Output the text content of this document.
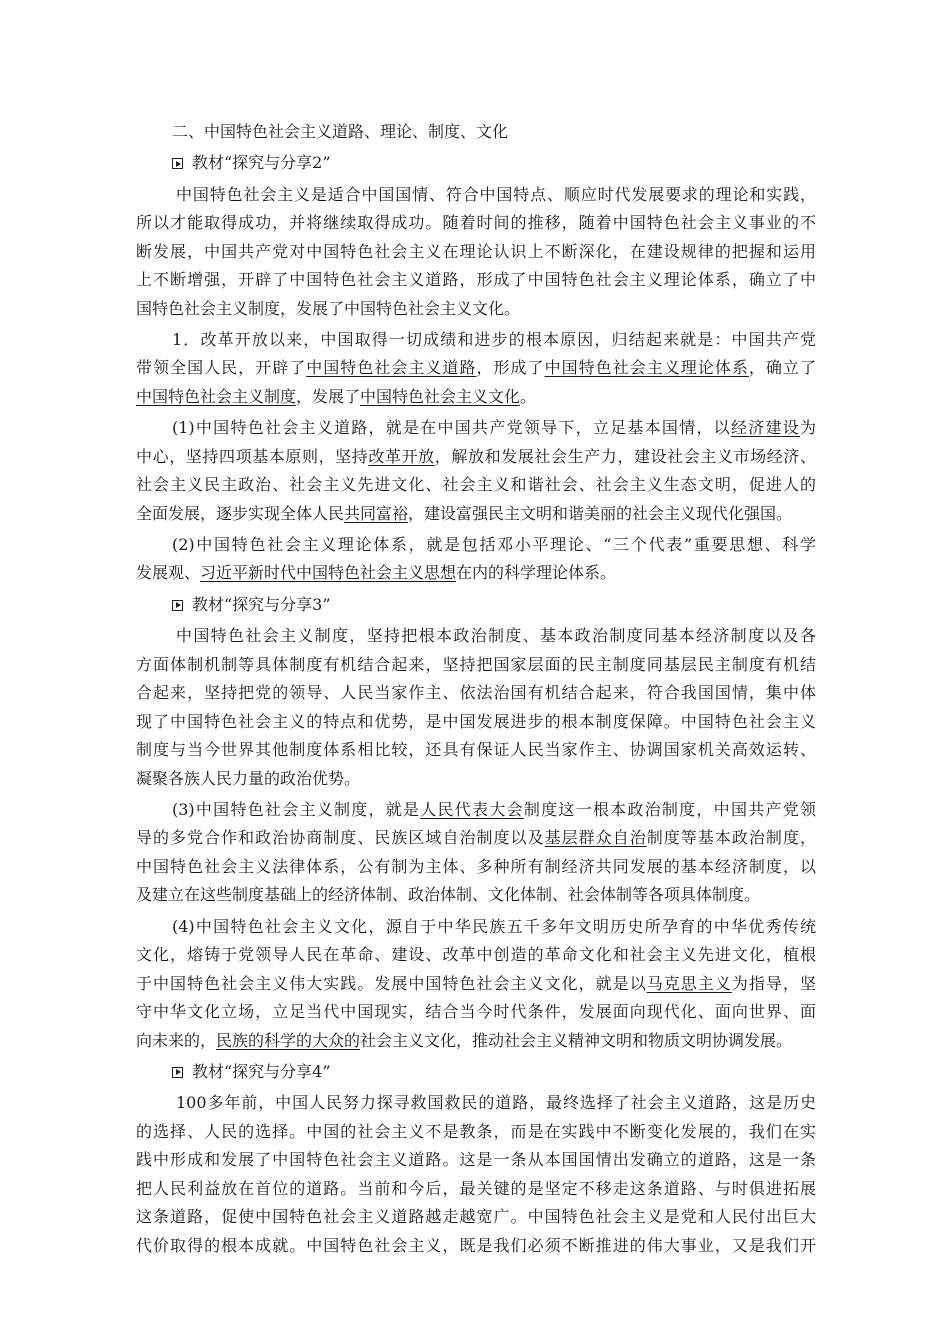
二、中国特色社会主义道路、理论、制度、文化
教材“探究与分享2”
中国特色社会主义是适合中国国情、符合中国特点、顺应时代发展要求的理论和实践，
所以才能取得成功，并将继续取得成功。随着时间的推移，随着中国特色社会主义事业的不
断发展，中国共产党对中国特色社会主义在理论认识上不断深化，在建设规律的把握和运用
上不断增强，开辟了中国特色社会主义道路，形成了中国特色社会主义理论体系，确立了中
国特色社会主义制度，发展了中国特色社会主义文化。
1．改革开放以来，中国取得一切成绩和进步的根本原因，归结起来就是：中国共产党
带领全国人民，开辟了中国特色社会主义道路，形成了中国特色社会主义理论体系，确立了
中国特色社会主义制度，发展了中国特色社会主义文化。
(1)中国特色社会主义道路，就是在中国共产党领导下，立足基本国情，以经济建设为
中心，坚持四项基本原则，坚持改革开放，解放和发展社会生产力，建设社会主义市场经济、
社会主义民主政治、社会主义先进文化、社会主义和谐社会、社会主义生态文明，促进人的
全面发展，逐步实现全体人民共同富裕，建设富强民主文明和谐美丽的社会主义现代化强国。
(2)中国特色社会主义理论体系，就是包括邓小平理论、“三个代表”重要思想、科学
发展观、习近平新时代中国特色社会主义思想在内的科学理论体系。
教材“探究与分享3”
中国特色社会主义制度，坚持把根本政治制度、基本政治制度同基本经济制度以及各
方面体制机制等具体制度有机结合起来，坚持把国家层面的民主制度同基层民主制度有机结
合起来，坚持把党的领导、人民当家作主、依法治国有机结合起来，符合我国国情，集中体
现了中国特色社会主义的特点和优势，是中国发展进步的根本制度保障。中国特色社会主义
制度与当今世界其他制度体系相比较，还具有保证人民当家作主、协调国家机关高效运转、
凝聚各族人民力量的政治优势。
(3)中国特色社会主义制度，就是人民代表大会制度这一根本政治制度，中国共产党领
导的多党合作和政治协商制度、民族区域自治制度以及基层群众自治制度等基本政治制度，
中国特色社会主义法律体系，公有制为主体、多种所有制经济共同发展的基本经济制度，以
及建立在这些制度基础上的经济体制、政治体制、文化体制、社会体制等各项具体制度。
(4)中国特色社会主义文化，源自于中华民族五千多年文明历史所孕育的中华优秀传统
文化，熔铸于党领导人民在革命、建设、改革中创造的革命文化和社会主义先进文化，植根
于中国特色社会主义伟大实践。发展中国特色社会主义文化，就是以马克思主义为指导，坚
守中华文化立场，立足当代中国现实，结合当今时代条件，发展面向现代化、面向世界、面
向未来的，民族的科学的大众的社会主义文化，推动社会主义精神文明和物质文明协调发展。
教材“探究与分享4”
100多年前，中国人民努力探寻救国救民的道路，最终选择了社会主义道路，这是历史
的选择、人民的选择。中国的社会主义不是教条，而是在实践中不断变化发展的，我们在实
践中形成和发展了中国特色社会主义道路。这是一条从本国国情出发确立的道路，这是一条
把人民利益放在首位的道路。当前和今后，最关键的是坚定不移走这条道路、与时俱进拓展
这条道路，促使中国特色社会主义道路越走越宽广。中国特色社会主义是党和人民付出巨大
代价取得的根本成就。中国特色社会主义，既是我们必须不断推进的伟大事业，又是我们开
